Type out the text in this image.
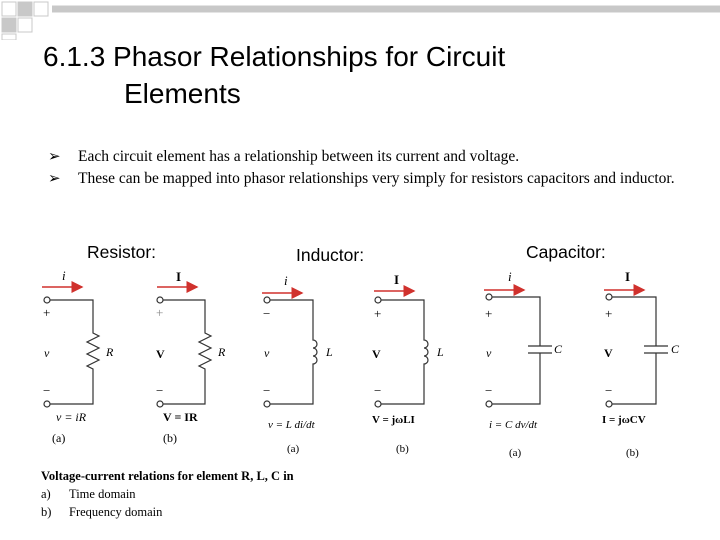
6.1.3 Phasor Relationships for Circuit
Elements
➢ Each circuit element has a relationship between its current and voltage.
➢ These can be mapped into phasor relationships very simply for resistors capacitors and inductor.
Resistor:	Inductor:	Capacitor:
i
+
v
−
R
v = iR
(a)
I
+
V
−
R
V = IR
(b)
i
−
v
−
L
v = L di/dt
(a)
I
+
V
−
L
V = jωLI
(b)
i
+
v
−
C
i = C dv/dt
(a)
I
+
V
−
C
I = jωCV
(b)
Voltage-current relations for element R, L, C in
a) Time domain
b) Frequency domain
